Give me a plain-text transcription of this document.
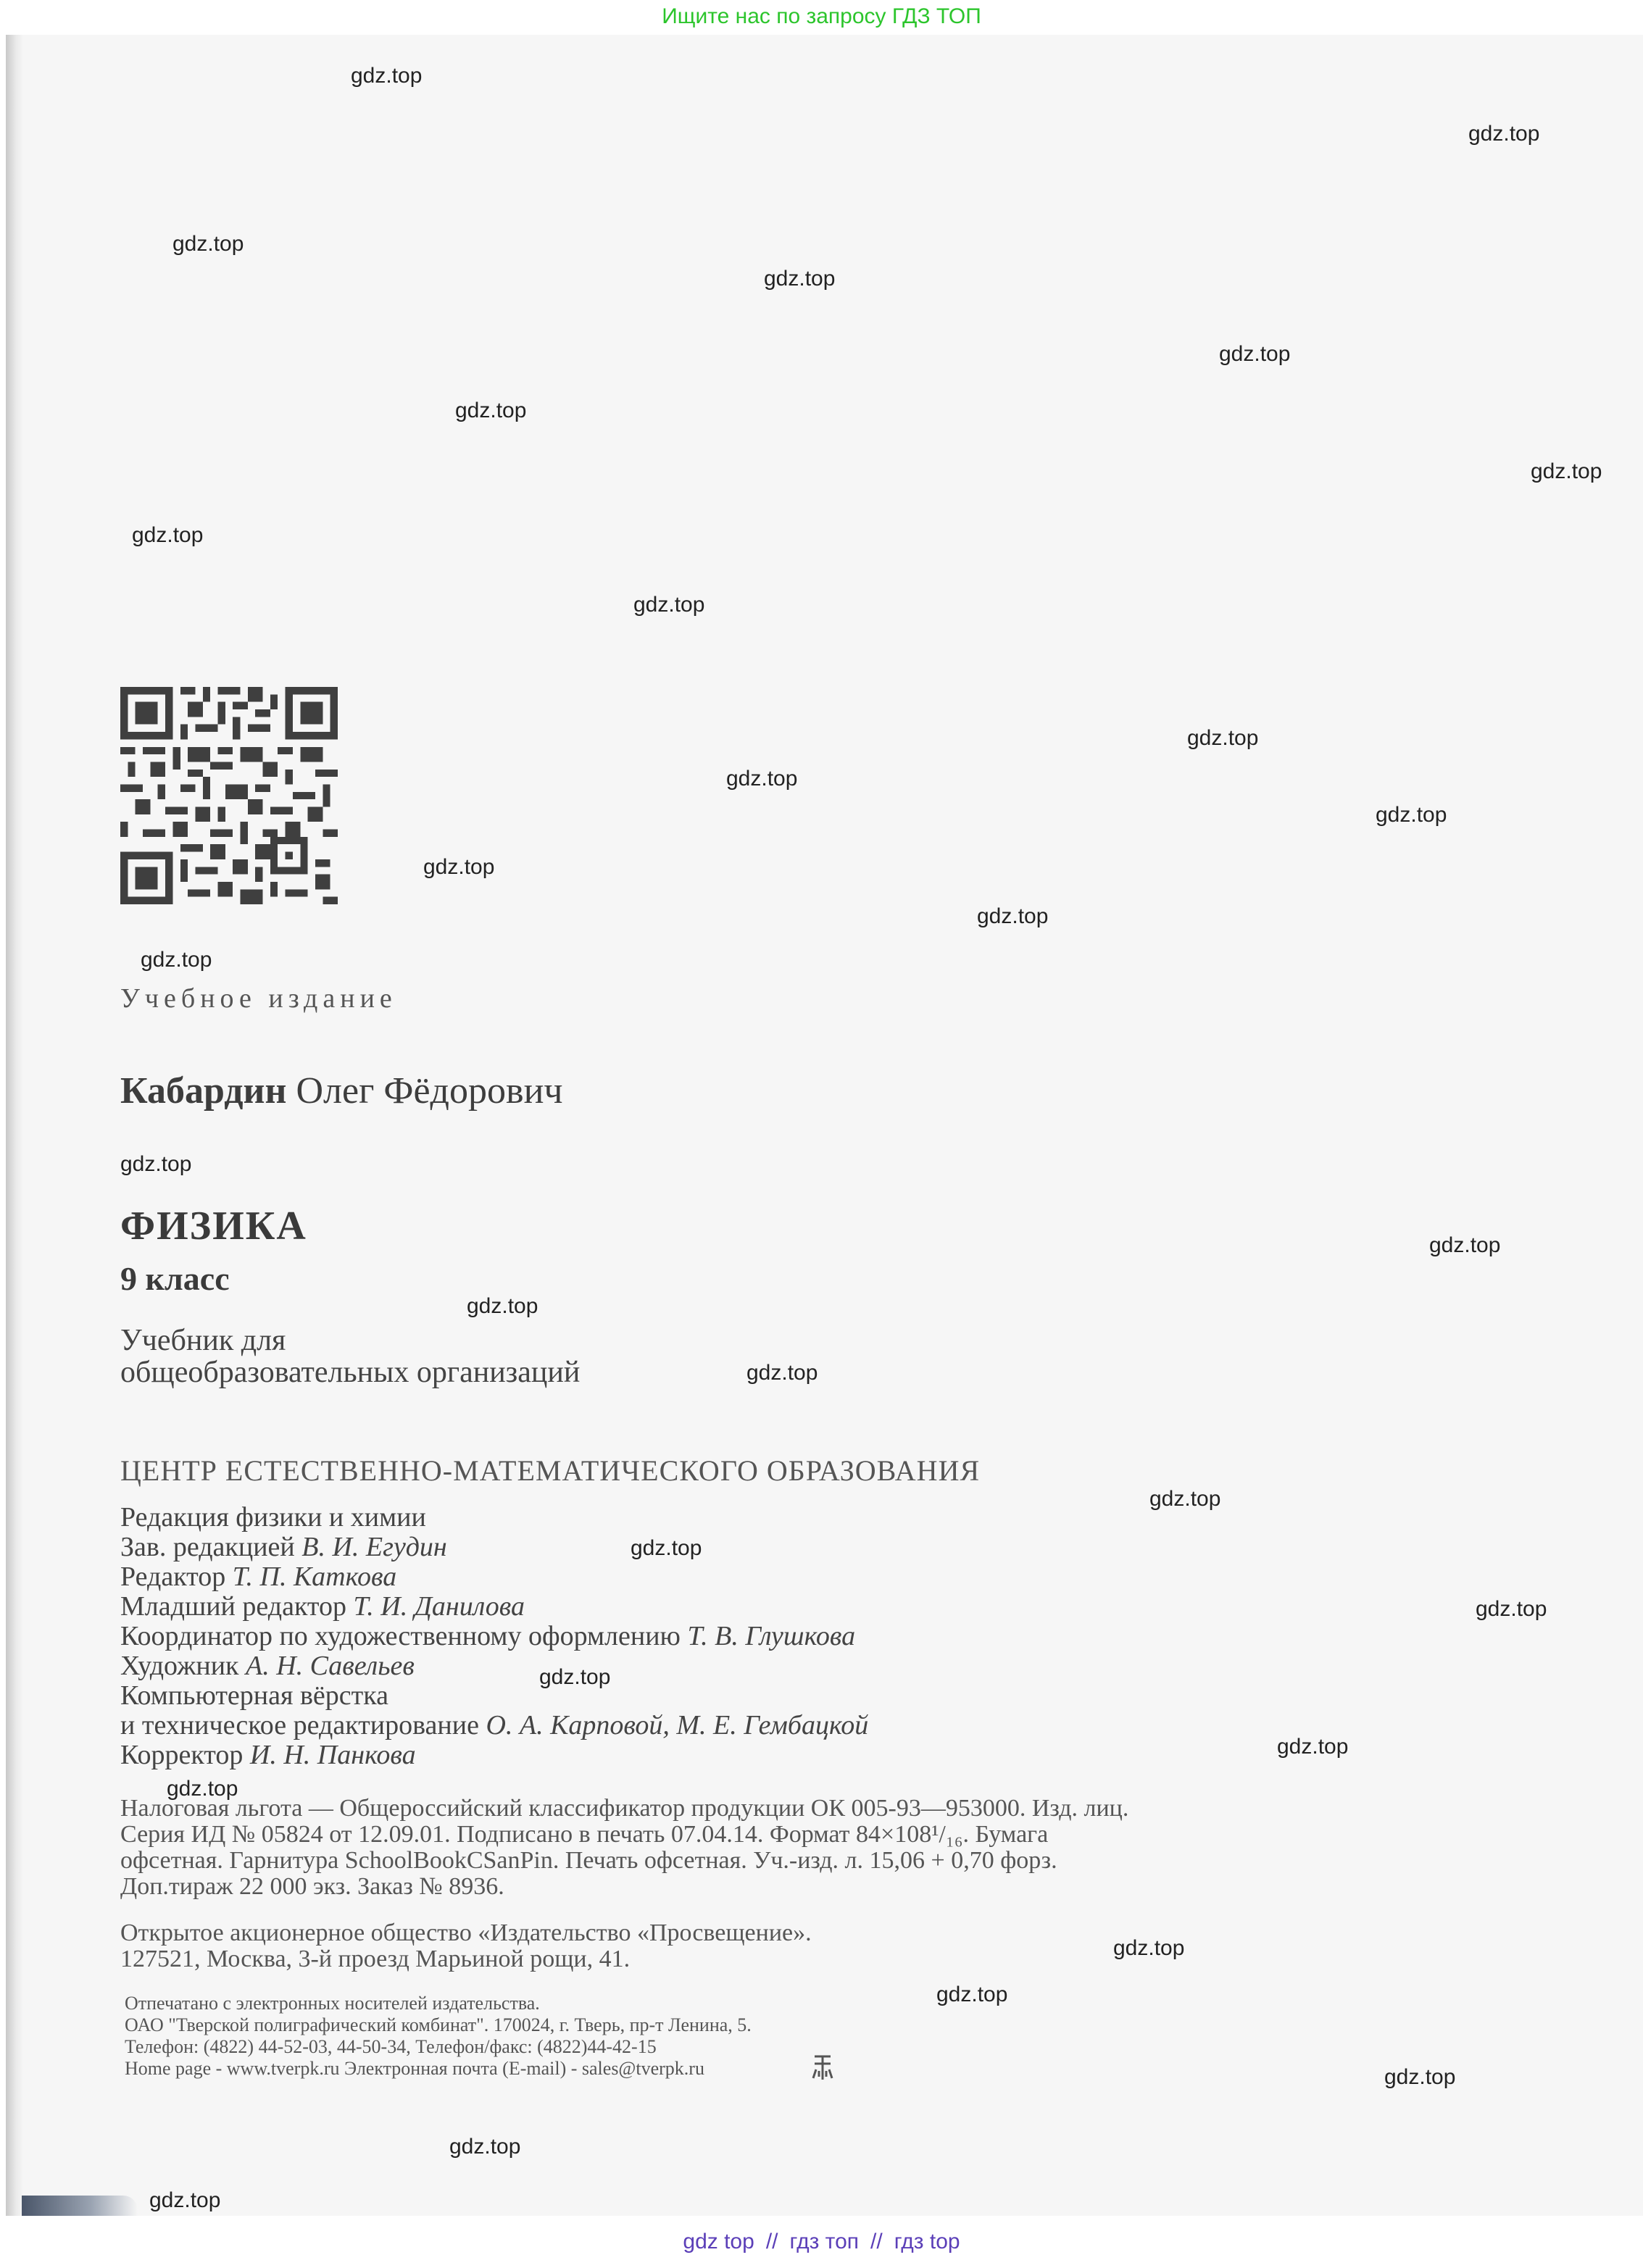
Ищите нас по запросу ГДЗ ТОП
gdz.top
gdz.top
gdz.top
gdz.top
gdz.top
gdz.top
gdz.top
gdz.top
gdz.top
gdz.top
gdz.top
gdz.top
gdz.top
gdz.top
gdz.top
gdz.top
gdz.top
gdz.top
gdz.top
gdz.top
gdz.top
gdz.top
gdz.top
gdz.top
gdz.top
gdz.top
gdz.top
gdz.top
gdz.top
gdz.top
Учебное издание
Кабардин Олег Фёдорович
ФИЗИКА
9 класс
Учебник для
общеобразовательных организаций
ЦЕНТР ЕСТЕСТВЕННО-МАТЕМАТИЧЕСКОГО ОБРАЗОВАНИЯ
Редакция физики и химии
Зав. редакцией В. И. Егудин
Редактор Т. П. Каткова
Младший редактор Т. И. Данилова
Координатор по художественному оформлению Т. В. Глушкова
Художник А. Н. Савельев
Компьютерная вёрстка
и техническое редактирование О. А. Карповой, М. Е. Гембацкой
Корректор И. Н. Панкова
Налоговая льгота — Общероссийский классификатор продукции ОК 005-93—953000. Изд. лиц.
Серия ИД № 05824 от 12.09.01. Подписано в печать 07.04.14. Формат 84×108¹/₁₆. Бумага
офсетная. Гарнитура SchoolBookCSanPin. Печать офсетная. Уч.-изд. л. 15,06 + 0,70 форз.
Доп.тираж 22 000 экз. Заказ № 8936.
Открытое акционерное общество «Издательство «Просвещение».
127521, Москва, 3-й проезд Марьиной рощи, 41.
Отпечатано с электронных носителей издательства.
ОАО "Тверской полиграфический комбинат". 170024, г. Тверь, пр-т Ленина, 5.
Телефон: (4822) 44-52-03, 44-50-34, Телефон/факс: (4822)44-42-15
Home page - www.tverpk.ru Электронная почта (E-mail) - sales@tverpk.ru
gdz top // гдз топ // гдз top
